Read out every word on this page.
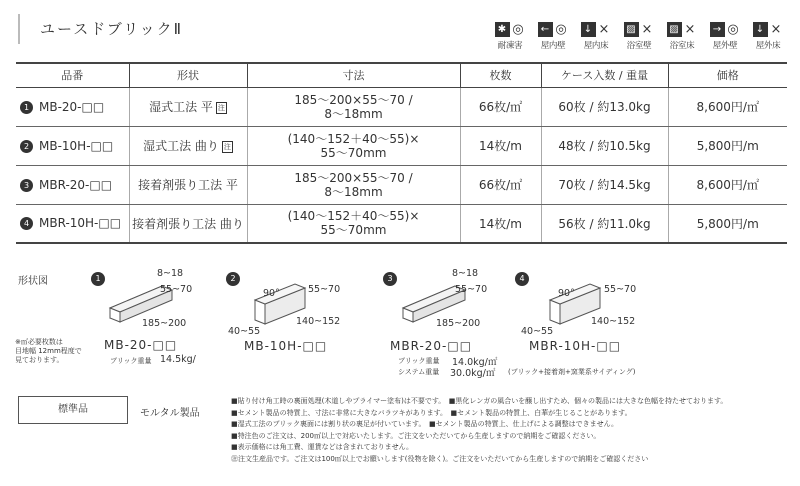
ユースドブリックⅡ	✱ ◎
耐凍害
← ◎
屋内壁
↓ ×
屋内床
▨ ×
浴室壁
▨ ×
浴室床
→ ◎
屋外壁
↓ ×
屋外床
品番	形状	寸法	枚数	ケース入数 / 重量	価格
1 MB-20-□□	湿式工法 平 注	185～200×55～70 /
8～18mm	66枚/㎡	60枚 / 約13.0kg	8,600円/㎡
2 MB-10H-□□	湿式工法 曲り 注	(140～152＋40～55)×
55～70mm	14枚/m	48枚 / 約10.5kg	5,800円/m
3 MBR-20-□□	接着剤張り工法 平	185～200×55～70 /
8～18mm	66枚/㎡	70枚 / 約14.5kg	8,600円/㎡
4 MBR-10H-□□	接着剤張り工法 曲り	(140～152＋40～55)×
55～70mm	14枚/m	56枚 / 約11.0kg	5,800円/m
形状図	1	8~18
55~70
185~200
MB-20-□□
ブリック重量 14.5kg/
2
90°	55~70
140~152
40~55
MB-10H-□□
3	8~18
55~70
185~200
MBR-20-□□
ブリック重量 14.0kg/㎡
システム重量 30.0kg/㎡ (ブリック+接着剤+窯業系サイディング)
4
90°	55~70
140~152
40~55
MBR-10H-□□
※㎡必要枚数は
目地幅 12mm程度で
見ております。
標準品	モルタル製品
■貼り付け角工時の裏面処理(木道しやプライマー塗布)は不要です。　■黒化レンガの風合いを醸し出すため、個々の製品には大きな色幅を持たせております。
■セメント製品の特質上、寸法に非常に大きなバラツキがあります。　■セメント製品の特質上、白華が生じることがあります。
■湿式工法のブリック裏面には割り状の裏足が付いています。　■セメント製品の特質上、仕上げによる調整はできません。
■特注色のご注文は、200㎡以上で対応いたします。ご注文をいただいてから生産しますので納期をご確認ください。
■表示価格には角工費、運賃などは含まれておりません。
㊟注文生産品です。ご注文は100㎡以上でお願いします(役物を除く)。ご注文をいただいてから生産しますので納期をご確認ください
